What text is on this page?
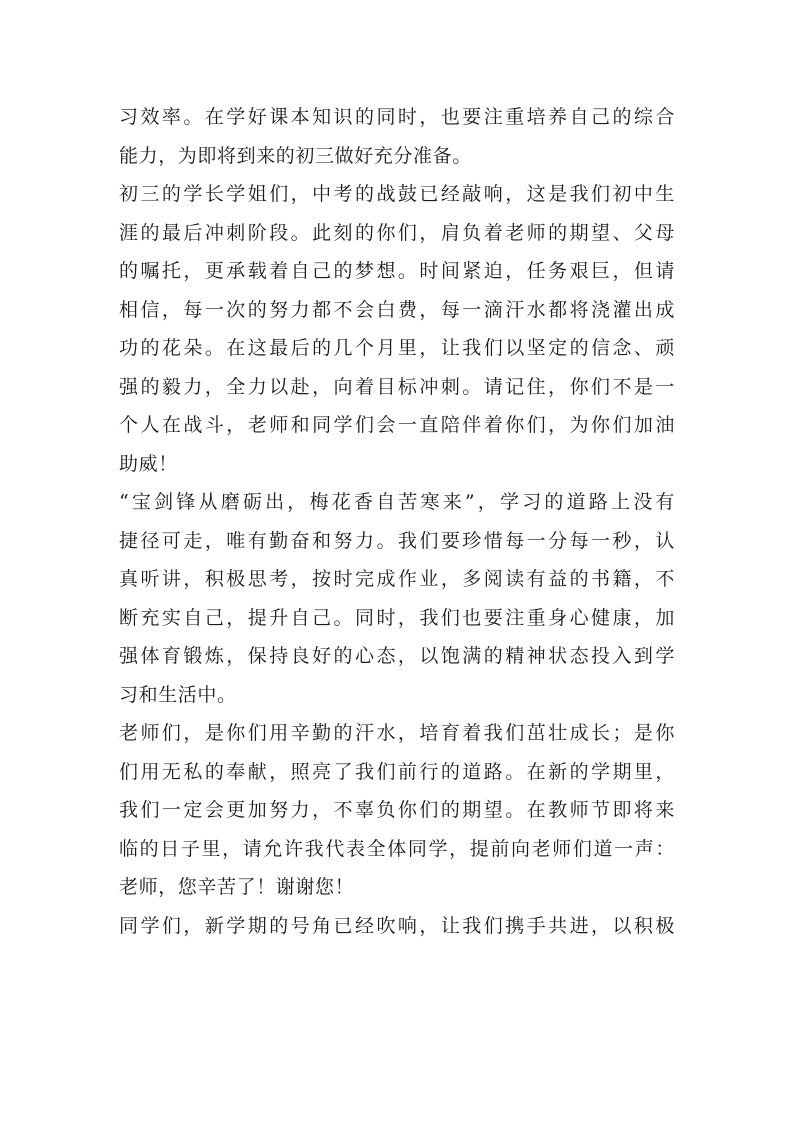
习效率。在学好课本知识的同时，也要注重培养自己的综合
能力，为即将到来的初三做好充分准备。
初三的学长学姐们，中考的战鼓已经敲响，这是我们初中生
涯的最后冲刺阶段。此刻的你们，肩负着老师的期望、父母
的嘱托，更承载着自己的梦想。时间紧迫，任务艰巨，但请
相信，每一次的努力都不会白费，每一滴汗水都将浇灌出成
功的花朵。在这最后的几个月里，让我们以坚定的信念、顽
强的毅力，全力以赴，向着目标冲刺。请记住，你们不是一
个人在战斗，老师和同学们会一直陪伴着你们，为你们加油
助威！
“宝剑锋从磨砺出，梅花香自苦寒来”，学习的道路上没有
捷径可走，唯有勤奋和努力。我们要珍惜每一分每一秒，认
真听讲，积极思考，按时完成作业，多阅读有益的书籍，不
断充实自己，提升自己。同时，我们也要注重身心健康，加
强体育锻炼，保持良好的心态，以饱满的精神状态投入到学
习和生活中。
老师们，是你们用辛勤的汗水，培育着我们茁壮成长；是你
们用无私的奉献，照亮了我们前行的道路。在新的学期里，
我们一定会更加努力，不辜负你们的期望。在教师节即将来
临的日子里，请允许我代表全体同学，提前向老师们道一声：
老师，您辛苦了！谢谢您！
同学们，新学期的号角已经吹响，让我们携手共进，以积极
